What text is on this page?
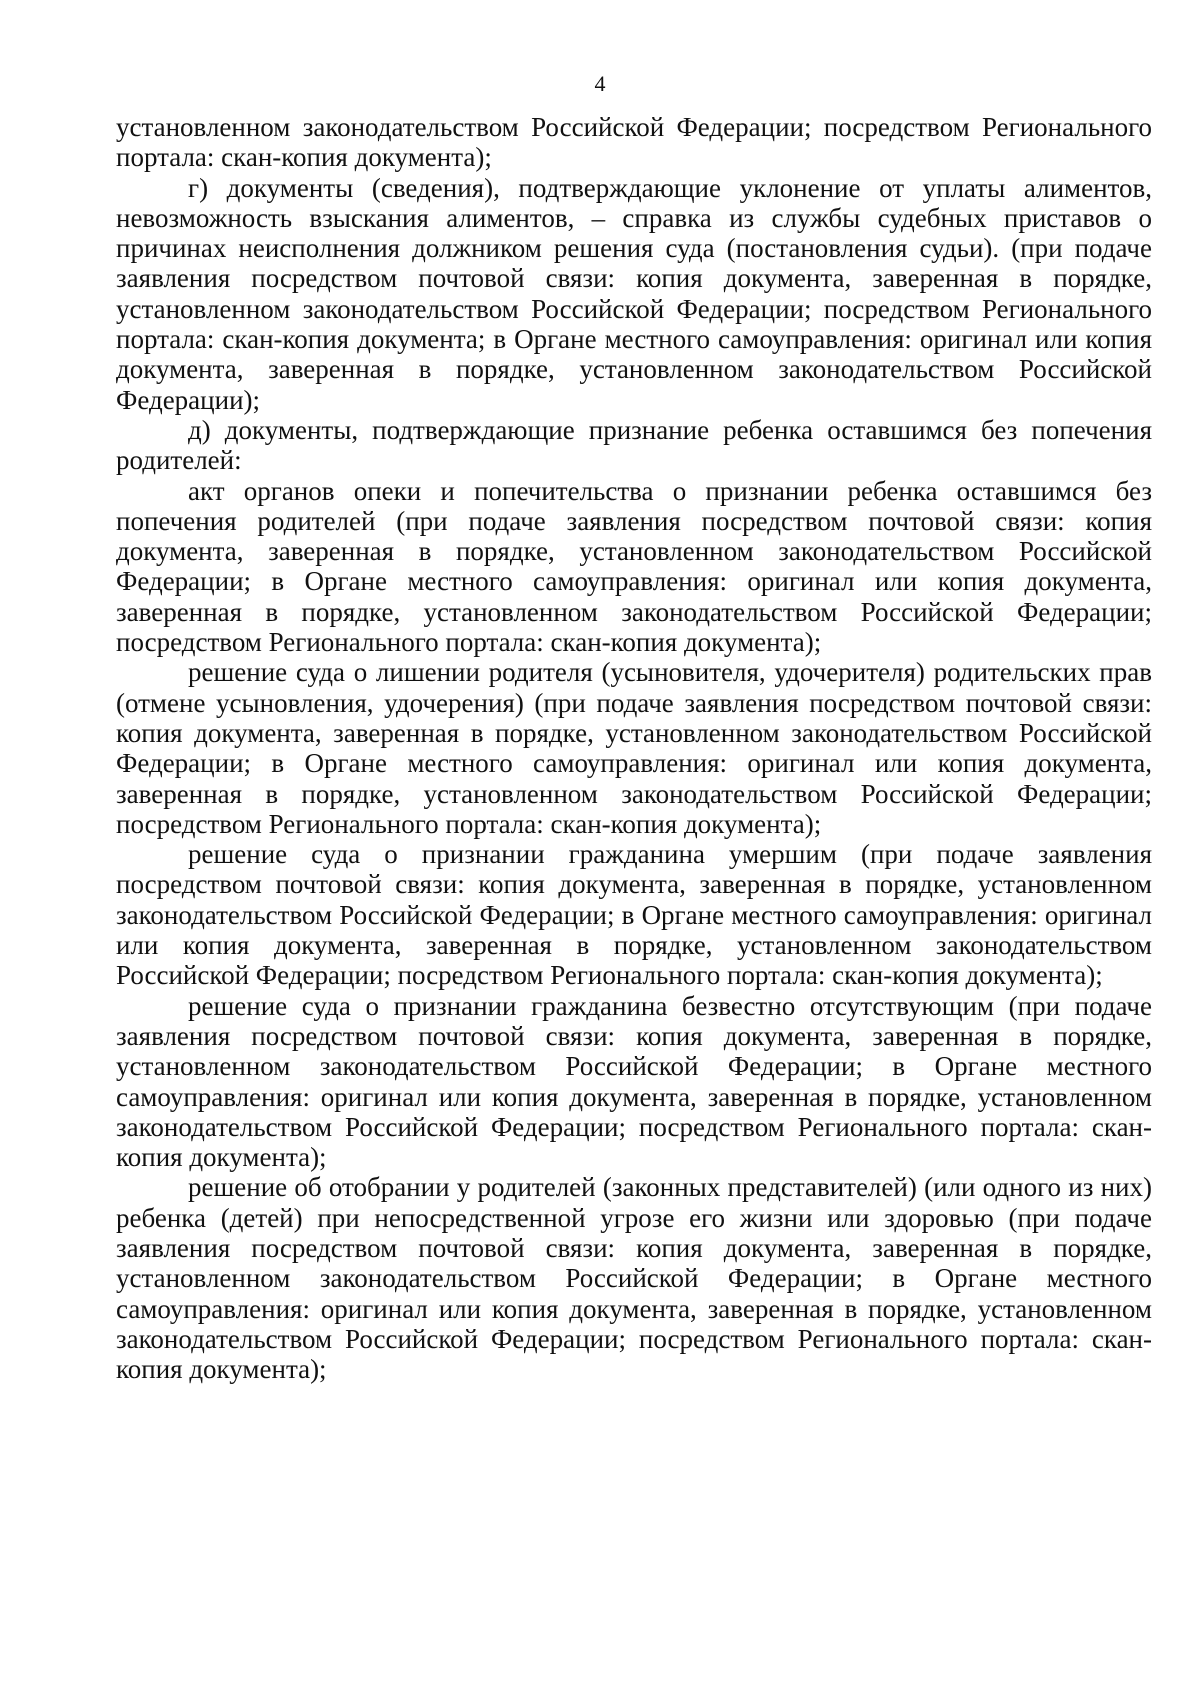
4

установленном законодательством Российской Федерации; посредством Регионального портала: скан-копия документа);

г) документы (сведения), подтверждающие уклонение от уплаты алиментов, невозможность взыскания алиментов, – справка из службы судебных приставов о причинах неисполнения должником решения суда (постановления судьи). (при подаче заявления посредством почтовой связи: копия документа, заверенная в порядке, установленном законодательством Российской Федерации; посредством Регионального портала: скан-копия документа; в Органе местного самоуправления: оригинал или копия документа, заверенная в порядке, установленном законодательством Российской Федерации);

д) документы, подтверждающие признание ребенка оставшимся без попечения родителей:

акт органов опеки и попечительства о признании ребенка оставшимся без попечения родителей (при подаче заявления посредством почтовой связи: копия документа, заверенная в порядке, установленном законодательством Российской Федерации; в Органе местного самоуправления: оригинал или копия документа, заверенная в порядке, установленном законодательством Российской Федерации; посредством Регионального портала: скан-копия документа);

решение суда о лишении родителя (усыновителя, удочерителя) родительских прав (отмене усыновления, удочерения) (при подаче заявления посредством почтовой связи: копия документа, заверенная в порядке, установленном законодательством Российской Федерации; в Органе местного самоуправления: оригинал или копия документа, заверенная в порядке, установленном законодательством Российской Федерации; посредством Регионального портала: скан-копия документа);

решение суда о признании гражданина умершим (при подаче заявления посредством почтовой связи: копия документа, заверенная в порядке, установленном законодательством Российской Федерации; в Органе местного самоуправления: оригинал или копия документа, заверенная в порядке, установленном законодательством Российской Федерации; посредством Регионального портала: скан-копия документа);

решение суда о признании гражданина безвестно отсутствующим (при подаче заявления посредством почтовой связи: копия документа, заверенная в порядке, установленном законодательством Российской Федерации; в Органе местного самоуправления: оригинал или копия документа, заверенная в порядке, установленном законодательством Российской Федерации; посредством Регионального портала: скан-копия документа);

решение об отобрании у родителей (законных представителей) (или одного из них) ребенка (детей) при непосредственной угрозе его жизни или здоровью (при подаче заявления посредством почтовой связи: копия документа, заверенная в порядке, установленном законодательством Российской Федерации; в Органе местного самоуправления: оригинал или копия документа, заверенная в порядке, установленном законодательством Российской Федерации; посредством Регионального портала: скан-копия документа);
